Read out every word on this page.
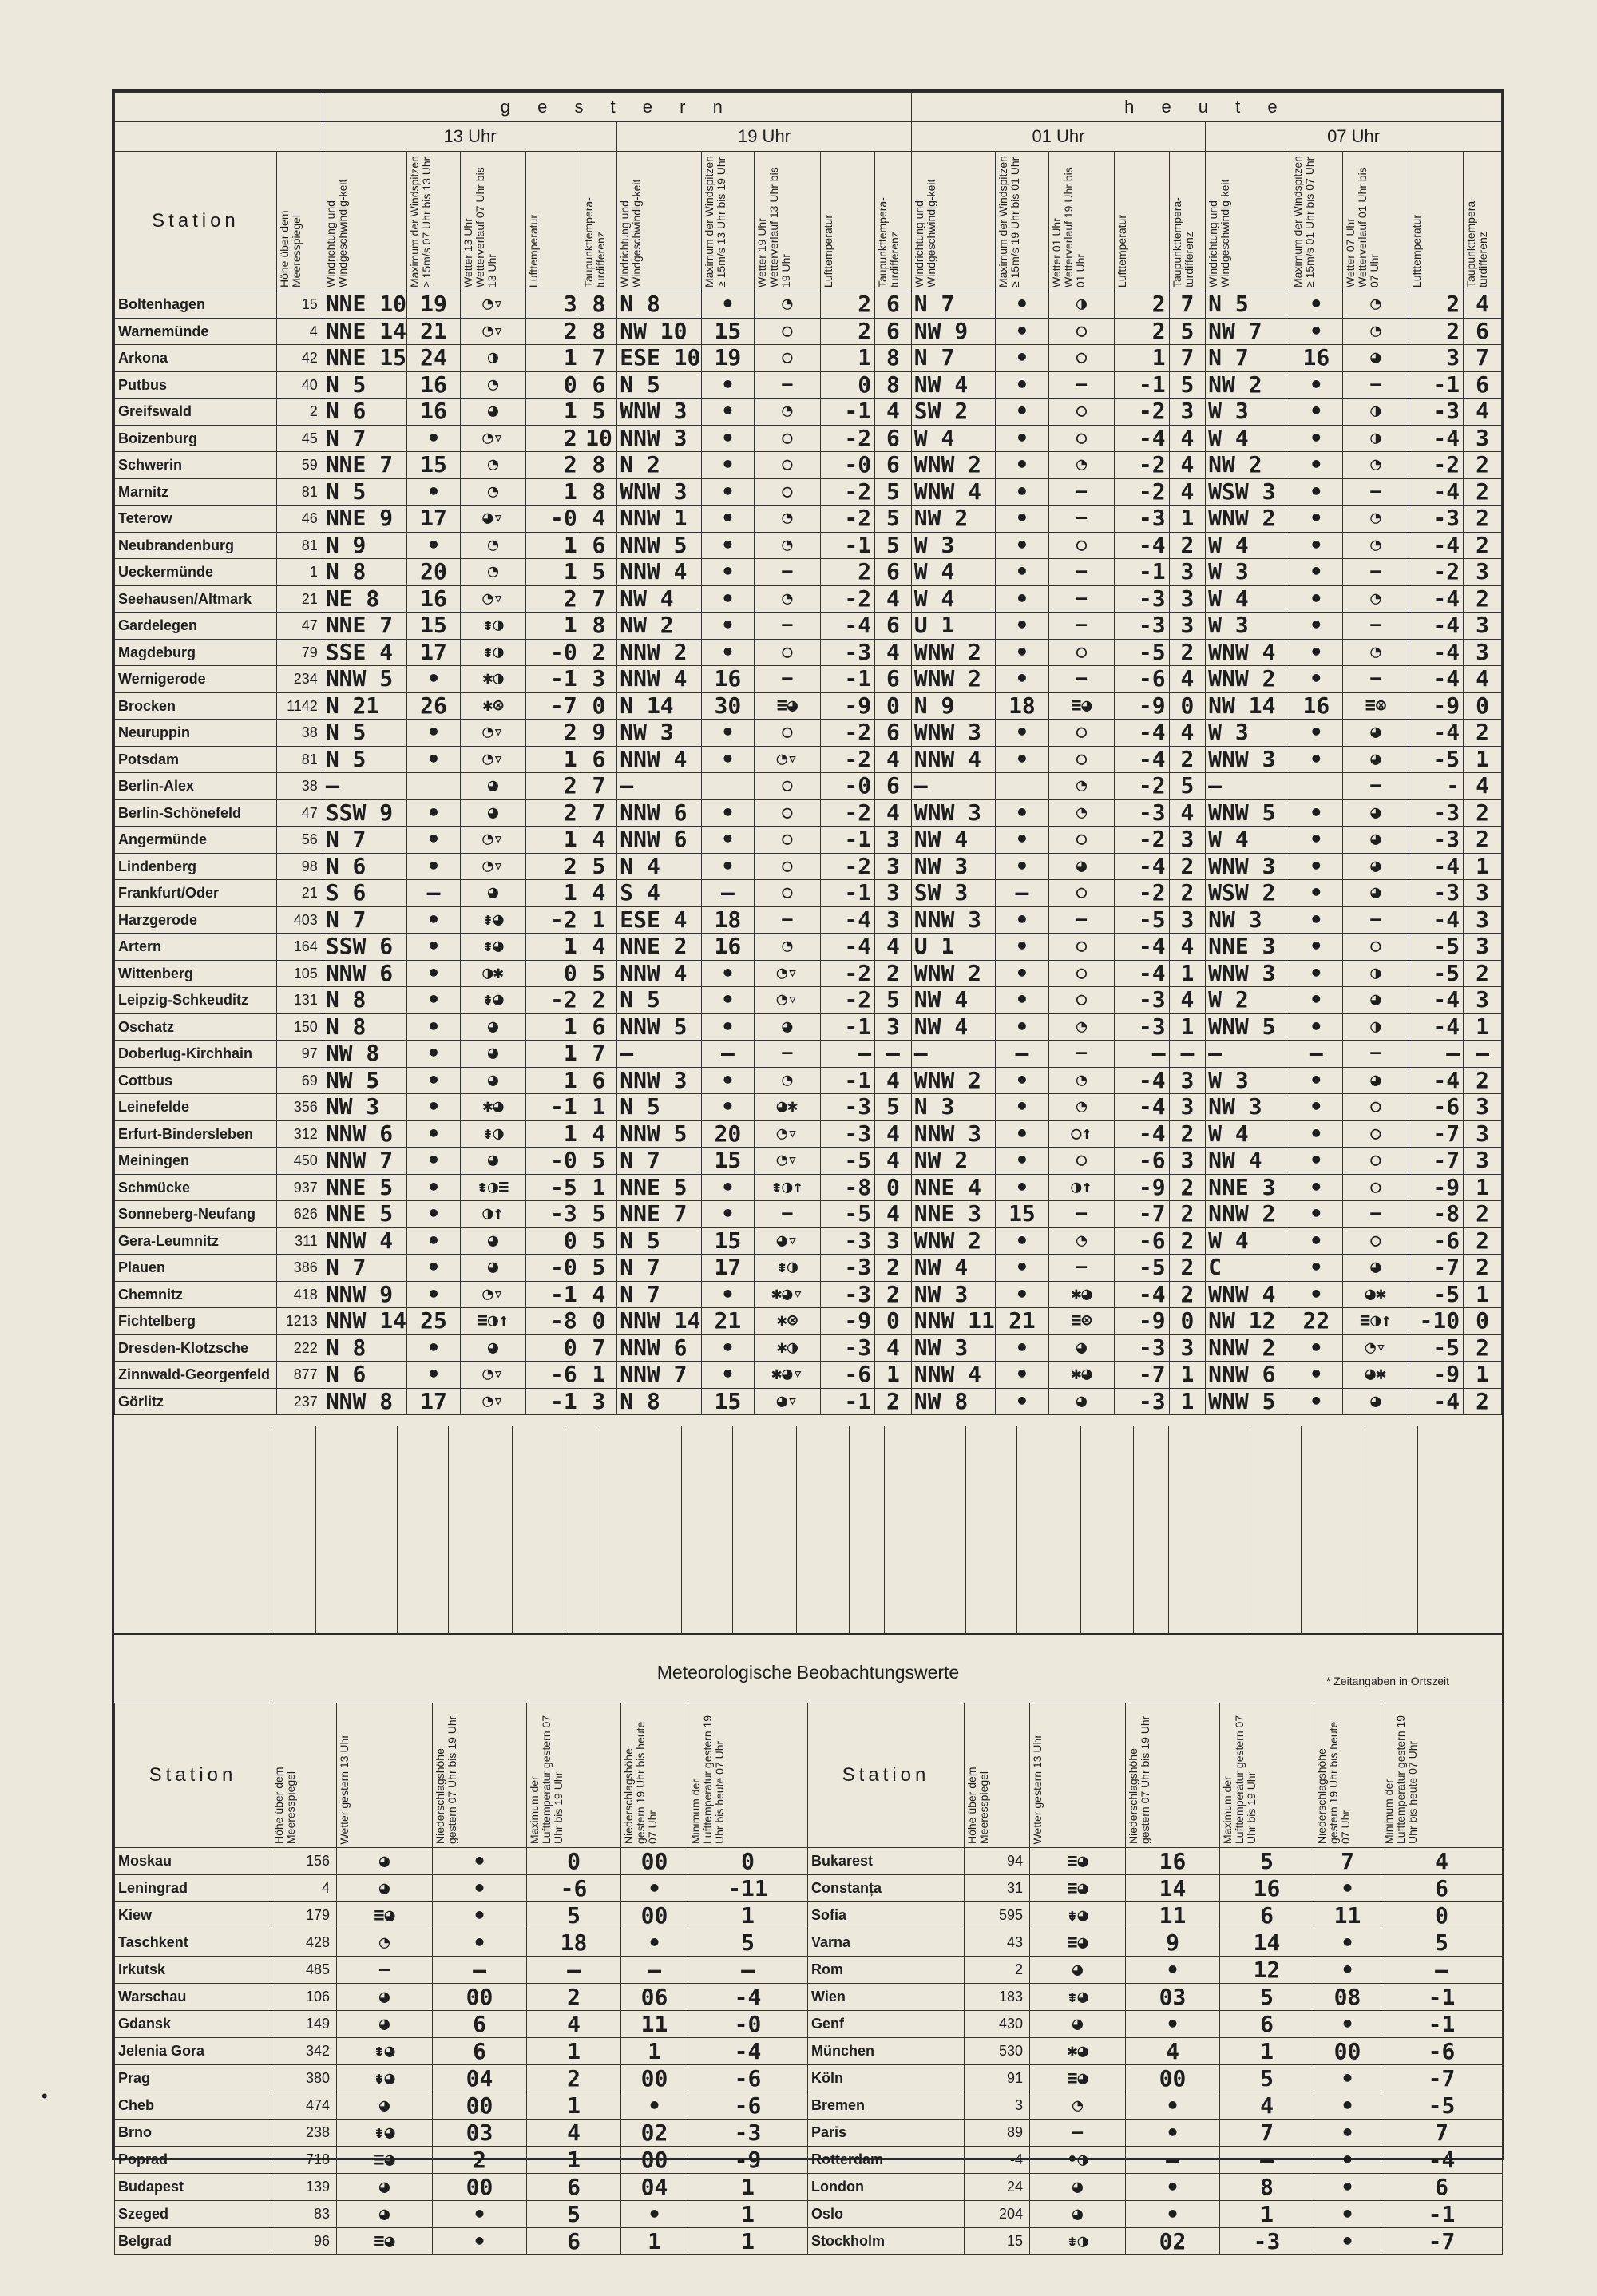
		g e s t e r n										h e u t e									
		13 Uhr					19 Uhr					01 Uhr					07 Uhr				
Station	Höhe über dem Meeresspiegel	Windrichtung und Windgeschwindig-keit	Maximum der Windspitzen ≥ 15m/s 07 Uhr bis 13 Uhr	Wetter 13 Uhr Wetterverlauf 07 Uhr bis 13 Uhr	Lufttemperatur	Taupunkttempera-turdifferenz	Windrichtung und Windgeschwindig-keit	Maximum der Windspitzen ≥ 15m/s 13 Uhr bis 19 Uhr	Wetter 19 Uhr Wetterverlauf 13 Uhr bis 19 Uhr	Lufttemperatur	Taupunkttempera-turdifferenz	Windrichtung und Windgeschwindig-keit	Maximum der Windspitzen ≥ 15m/s 19 Uhr bis 01 Uhr	Wetter 01 Uhr Wetterverlauf 19 Uhr bis 01 Uhr	Lufttemperatur	Taupunkttempera-turdifferenz	Windrichtung und Windgeschwindig-keit	Maximum der Windspitzen ≥ 15m/s 01 Uhr bis 07 Uhr	Wetter 07 Uhr Wetterverlauf 01 Uhr bis 07 Uhr	Lufttemperatur	Taupunkttempera-turdifferenz

Boltenhagen	15	NNE 10	19	◔▿	3	8	N 8	•	◔	2	6	N 7	•	◑	2	7	N 5	•	◔	2	4
Warnemünde	4	NNE 14	21	◔▿	2	8	NW 10	15	○	2	6	NW 9	•	○	2	5	NW 7	•	◔	2	6
Arkona	42	NNE 15	24	◑	1	7	ESE 10	19	○	1	8	N 7	•	○	1	7	N 7	16	◕	3	7
Putbus	40	N 5	16	◔	0	6	N 5	•	–	0	8	NW 4	•	–	-1	5	NW 2	•	–	-1	6
Greifswald	2	N 6	16	◕	1	5	WNW 3	•	◔	-1	4	SW 2	•	○	-2	3	W 3	•	◑	-3	4
Boizenburg	45	N 7	•	◔▿	2	10	NNW 3	•	○	-2	6	W 4	•	○	-4	4	W 4	•	◑	-4	3
Schwerin	59	NNE 7	15	◔	2	8	N 2	•	○	-0	6	WNW 2	•	◔	-2	4	NW 2	•	◔	-2	2
Marnitz	81	N 5	•	◔	1	8	WNW 3	•	○	-2	5	WNW 4	•	–	-2	4	WSW 3	•	–	-4	2
Teterow	46	NNE 9	17	◕▿	-0	4	NNW 1	•	◔	-2	5	NW 2	•	–	-3	1	WNW 2	•	◔	-3	2
Neubrandenburg	81	N 9	•	◔	1	6	NNW 5	•	◔	-1	5	W 3	•	○	-4	2	W 4	•	◔	-4	2
Ueckermünde	1	N 8	20	◔	1	5	NNW 4	•	–	2	6	W 4	•	–	-1	3	W 3	•	–	-2	3
Seehausen/Altmark	21	NE 8	16	◔▿	2	7	NW 4	•	◔	-2	4	W 4	•	–	-3	3	W 4	•	◔	-4	2
Gardelegen	47	NNE 7	15	⇟◑	1	8	NW 2	•	–	-4	6	U 1	•	–	-3	3	W 3	•	–	-4	3
Magdeburg	79	SSE 4	17	⇟◑	-0	2	NNW 2	•	○	-3	4	WNW 2	•	○	-5	2	WNW 4	•	◔	-4	3
Wernigerode	234	NNW 5	•	✱◑	-1	3	NNW 4	16	–	-1	6	WNW 2	•	–	-6	4	WNW 2	•	–	-4	4
Brocken	1142	N 21	26	✱⊗	-7	0	N 14	30	≡◕	-9	0	N 9	18	≡◕	-9	0	NW 14	16	≡⊗	-9	0
Neuruppin	38	N 5	•	◔▿	2	9	NW 3	•	○	-2	6	WNW 3	•	○	-4	4	W 3	•	◕	-4	2
Potsdam	81	N 5	•	◔▿	1	6	NNW 4	•	◔▿	-2	4	NNW 4	•	○	-4	2	WNW 3	•	◕	-5	1
Berlin-Alex	38	–		◕	2	7	–		○	-0	6	–		◔	-2	5	–		–	-	4
Berlin-Schönefeld	47	SSW 9	•	◕	2	7	NNW 6	•	○	-2	4	WNW 3	•	◔	-3	4	WNW 5	•	◕	-3	2
Angermünde	56	N 7	•	◔▿	1	4	NNW 6	•	○	-1	3	NW 4	•	○	-2	3	W 4	•	◕	-3	2
Lindenberg	98	N 6	•	◔▿	2	5	N 4	•	○	-2	3	NW 3	•	◕	-4	2	WNW 3	•	◕	-4	1
Frankfurt/Oder	21	S 6	–	◕	1	4	S 4	–	○	-1	3	SW 3	–	○	-2	2	WSW 2	•	◕	-3	3
Harzgerode	403	N 7	•	⇟◕	-2	1	ESE 4	18	–	-4	3	NNW 3	•	–	-5	3	NW 3	•	–	-4	3
Artern	164	SSW 6	•	⇟◕	1	4	NNE 2	16	◔	-4	4	U 1	•	○	-4	4	NNE 3	•	○	-5	3
Wittenberg	105	NNW 6	•	◑✱	0	5	NNW 4	•	◔▿	-2	2	WNW 2	•	○	-4	1	WNW 3	•	◑	-5	2
Leipzig-Schkeuditz	131	N 8	•	⇟◕	-2	2	N 5	•	◔▿	-2	5	NW 4	•	○	-3	4	W 2	•	◕	-4	3
Oschatz	150	N 8	•	◕	1	6	NNW 5	•	◕	-1	3	NW 4	•	◔	-3	1	WNW 5	•	◑	-4	1
Doberlug-Kirchhain	97	NW 8	•	◕	1	7	–	–	–	–	–	–	–	–	–	–	–	–	–	–	–
Cottbus	69	NW 5	•	◕	1	6	NNW 3	•	◔	-1	4	WNW 2	•	◔	-4	3	W 3	•	◕	-4	2
Leinefelde	356	NW 3	•	✱◕	-1	1	N 5	•	◕✱	-3	5	N 3	•	◔	-4	3	NW 3	•	○	-6	3
Erfurt-Bindersleben	312	NNW 6	•	⇟◑	1	4	NNW 5	20	◔▿	-3	4	NNW 3	•	○↑	-4	2	W 4	•	○	-7	3
Meiningen	450	NNW 7	•	◕	-0	5	N 7	15	◔▿	-5	4	NW 2	•	○	-6	3	NW 4	•	○	-7	3
Schmücke	937	NNE 5	•	⇟◑≡	-5	1	NNE 5	•	⇟◑↑	-8	0	NNE 4	•	◑↑	-9	2	NNE 3	•	○	-9	1
Sonneberg-Neufang	626	NNE 5	•	◑↑	-3	5	NNE 7	•	–	-5	4	NNE 3	15	–	-7	2	NNW 2	•	–	-8	2
Gera-Leumnitz	311	NNW 4	•	◕	0	5	N 5	15	◕▿	-3	3	WNW 2	•	◔	-6	2	W 4	•	○	-6	2
Plauen	386	N 7	•	◕	-0	5	N 7	17	⇟◑	-3	2	NW 4	•	–	-5	2	C	•	◕	-7	2
Chemnitz	418	NNW 9	•	◔▿	-1	4	N 7	•	✱◕▿	-3	2	NW 3	•	✱◕	-4	2	WNW 4	•	◕✱	-5	1
Fichtelberg	1213	NNW 14	25	≡◑↑	-8	0	NNW 14	21	✱⊗	-9	0	NNW 11	21	≡⊗	-9	0	NW 12	22	≡◑↑	-10	0
Dresden-Klotzsche	222	N 8	•	◕	0	7	NNW 6	•	✱◑	-3	4	NW 3	•	◕	-3	3	NNW 2	•	◔▿	-5	2
Zinnwald-Georgenfeld	877	N 6	•	◔▿	-6	1	NNW 7	•	✱◕▿	-6	1	NNW 4	•	✱◕	-7	1	NNW 6	•	◕✱	-9	1
Görlitz	237	NNW 8	17	◔▿	-1	3	N 8	15	◕▿	-1	2	NW 8	•	◕	-3	1	WNW 5	•	◕	-4	2
Meteorologische Beobachtungswerte	* Zeitangaben in Ortszeit
Station	Höhe über dem Meeresspiegel	Wetter gestern 13 Uhr	Niederschlagshöhe gestern 07 Uhr bis 19 Uhr	Maximum der Lufttemperatur gestern 07 Uhr bis 19 Uhr	Niederschlagshöhe gestern 19 Uhr bis heute 07 Uhr	Minimum der Lufttemperatur gestern 19 Uhr bis heute 07 Uhr

Moskau	156	◕	•	0	00	0
Leningrad	4	◕	•	-6	•	-11
Kiew	179	≡◕	•	5	00	1
Taschkent	428	◔	•	18	•	5
Irkutsk	485	–	–	–	–	–
Warschau	106	◕	00	2	06	-4
Gdansk	149	◕	6	4	11	-0
Jelenia Gora	342	⇟◕	6	1	1	-4
Prag	380	⇟◕	04	2	00	-6
Cheb	474	◕	00	1	•	-6
Brno	238	⇟◕	03	4	02	-3
Poprad	718	≡◕	2	1	00	-9
Budapest	139	◕	00	6	04	1
Szeged	83	◕	•	5	•	1
Belgrad	96	≡◕	•	6	1	1
Station	Höhe über dem Meeresspiegel	Wetter gestern 13 Uhr	Niederschlagshöhe gestern 07 Uhr bis 19 Uhr	Maximum der Lufttemperatur gestern 07 Uhr bis 19 Uhr	Niederschlagshöhe gestern 19 Uhr bis heute 07 Uhr	Minimum der Lufttemperatur gestern 19 Uhr bis heute 07 Uhr

Bukarest	94	≡◕	16	5	7	4
Constanța	31	≡◕	14	16	•	6
Sofia	595	⇟◕	11	6	11	0
Varna	43	≡◕	9	14	•	5
Rom	2	◕	•	12	•	–
Wien	183	⇟◕	03	5	08	-1
Genf	430	◕	•	6	•	-1
München	530	✱◕	4	1	00	-6
Köln	91	≡◕	00	5	•	-7
Bremen	3	◔	•	4	•	-5
Paris	89	–	•	7	•	7
Rotterdam	-4	•◑	–	–	•	-4
London	24	◕	•	8	•	6
Oslo	204	◕	•	1	•	-1
Stockholm	15	⇟◑	02	-3	•	-7
•
